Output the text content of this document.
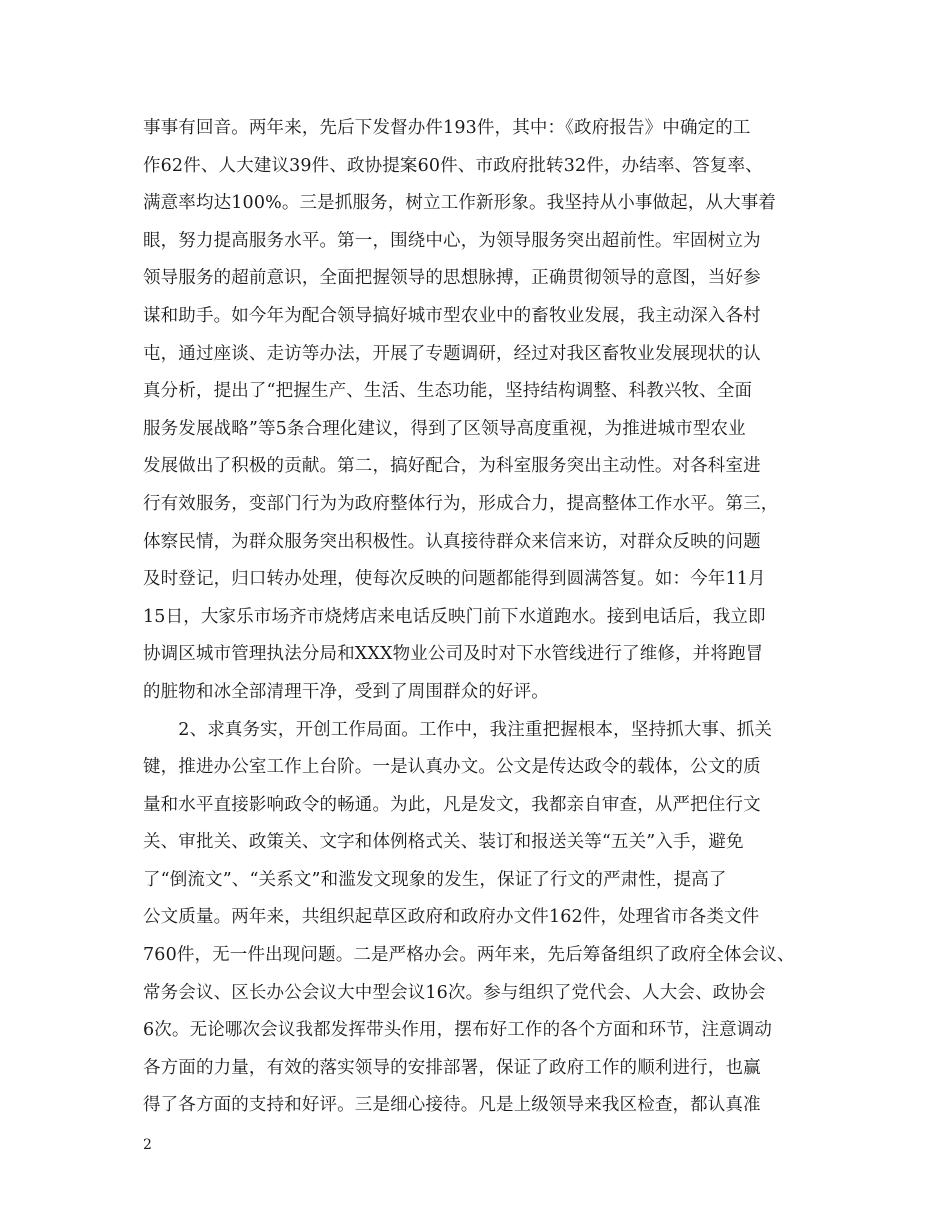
事事有回音。两年来，先后下发督办件193件，其中：《政府报告》中确定的工
作62件、人大建议39件、政协提案60件、市政府批转32件，办结率、答复率、
满意率均达100%。三是抓服务，树立工作新形象。我坚持从小事做起，从大事着
眼，努力提高服务水平。第一，围绕中心，为领导服务突出超前性。牢固树立为
领导服务的超前意识，全面把握领导的思想脉搏，正确贯彻领导的意图，当好参
谋和助手。如今年为配合领导搞好城市型农业中的畜牧业发展，我主动深入各村
屯，通过座谈、走访等办法，开展了专题调研，经过对我区畜牧业发展现状的认
真分析，提出了“把握生产、生活、生态功能，坚持结构调整、科教兴牧、全面
服务发展战略”等5条合理化建议，得到了区领导高度重视，为推进城市型农业
发展做出了积极的贡献。第二，搞好配合，为科室服务突出主动性。对各科室进
行有效服务，变部门行为为政府整体行为，形成合力，提高整体工作水平。第三，
体察民情，为群众服务突出积极性。认真接待群众来信来访，对群众反映的问题
及时登记，归口转办处理，使每次反映的问题都能得到圆满答复。如：今年11月
15日，大家乐市场齐市烧烤店来电话反映门前下水道跑水。接到电话后，我立即
协调区城市管理执法分局和XXX物业公司及时对下水管线进行了维修，并将跑冒
的脏物和冰全部清理干净，受到了周围群众的好评。
　　2、求真务实，开创工作局面。工作中，我注重把握根本，坚持抓大事、抓关
键，推进办公室工作上台阶。一是认真办文。公文是传达政令的载体，公文的质
量和水平直接影响政令的畅通。为此，凡是发文，我都亲自审查，从严把住行文
关、审批关、政策关、文字和体例格式关、装订和报送关等“五关”入手，避免
了“倒流文”、“关系文”和滥发文现象的发生，保证了行文的严肃性，提高了
公文质量。两年来，共组织起草区政府和政府办文件162件，处理省市各类文件
760件，无一件出现问题。二是严格办会。两年来，先后筹备组织了政府全体会议、
常务会议、区长办公会议大中型会议16次。参与组织了党代会、人大会、政协会
6次。无论哪次会议我都发挥带头作用，摆布好工作的各个方面和环节，注意调动
各方面的力量，有效的落实领导的安排部署，保证了政府工作的顺利进行，也赢
得了各方面的支持和好评。三是细心接待。凡是上级领导来我区检查，都认真准
2
